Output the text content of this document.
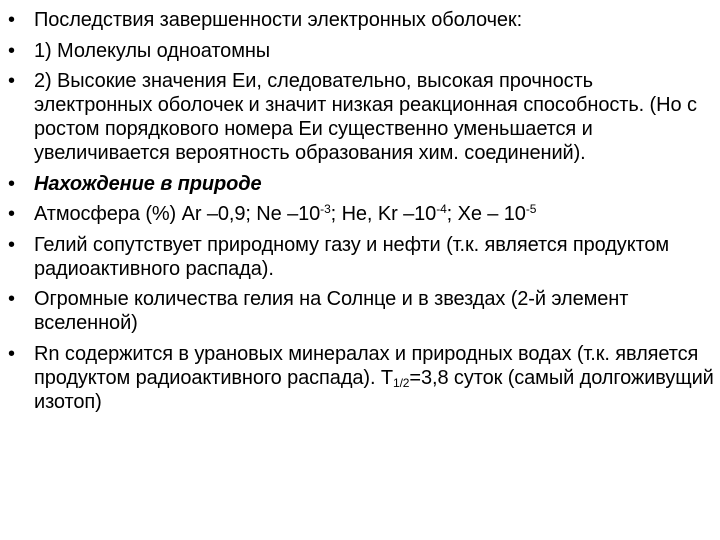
• Последствия завершенности электронных оболочек:
• 1) Молекулы одноатомны
• 2) Высокие значения Еи, следовательно, высокая прочность электронных оболочек и значит низкая реакционная способность. (Но с ростом порядкового номера Еи существенно уменьшается и увеличивается вероятность образования хим. соединений).
• Нахождение в природе
• Атмосфера (%) Ar –0,9; Ne $-10^{-3}$; He, Kr $-10^{-4}$; Xe – $10^{-5}$
• Гелий сопутствует природному газу и нефти (т.к. является продуктом радиоактивного распада).
• Огромные количества гелия на Солнце и в звездах (2-й элемент вселенной)
• Rn содержится в урановых минералах и природных водах (т.к. является продуктом радиоактивного распада). $Т_{1/2}=3,8$ суток (самый долгоживущий изотоп)
